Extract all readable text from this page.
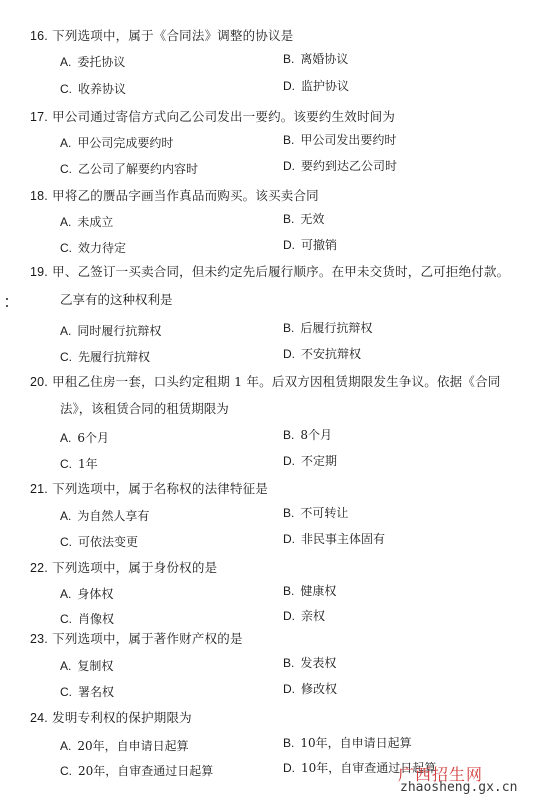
16. 下列选项中，属于《合同法》调整的协议是
A. 委托协议	B. 离婚协议
C. 收养协议	D. 监护协议
17. 甲公司通过寄信方式向乙公司发出一要约。该要约生效时间为
A. 甲公司完成要约时	B. 甲公司发出要约时
C. 乙公司了解要约内容时	D. 要约到达乙公司时
18. 甲将乙的赝品字画当作真品而购买。该买卖合同
A. 未成立	B. 无效
C. 效力待定	D. 可撤销
19. 甲、乙签订一买卖合同，但未约定先后履行顺序。在甲未交货时，乙可拒绝付款。
乙享有的这种权利是
A. 同时履行抗辩权	B. 后履行抗辩权
C. 先履行抗辩权	D. 不安抗辩权
20. 甲租乙住房一套，口头约定租期 1 年。后双方因租赁期限发生争议。依据《合同
法》，该租赁合同的租赁期限为
A. 6个月	B. 8个月
C. 1年	D. 不定期
21. 下列选项中，属于名称权的法律特征是
A. 为自然人享有	B. 不可转让
C. 可依法变更	D. 非民事主体固有
22. 下列选项中，属于身份权的是
A. 身体权	B. 健康权
C. 肖像权	D. 亲权
23. 下列选项中，属于著作财产权的是
A. 复制权	B. 发表权
C. 署名权	D. 修改权
24. 发明专利权的保护期限为
A. 20年，自申请日起算	B. 10年，自申请日起算
C. 20年，自审查通过日起算	D. 10年，自审查通过日起算
广西招生网
zhaosheng.gx.cn
